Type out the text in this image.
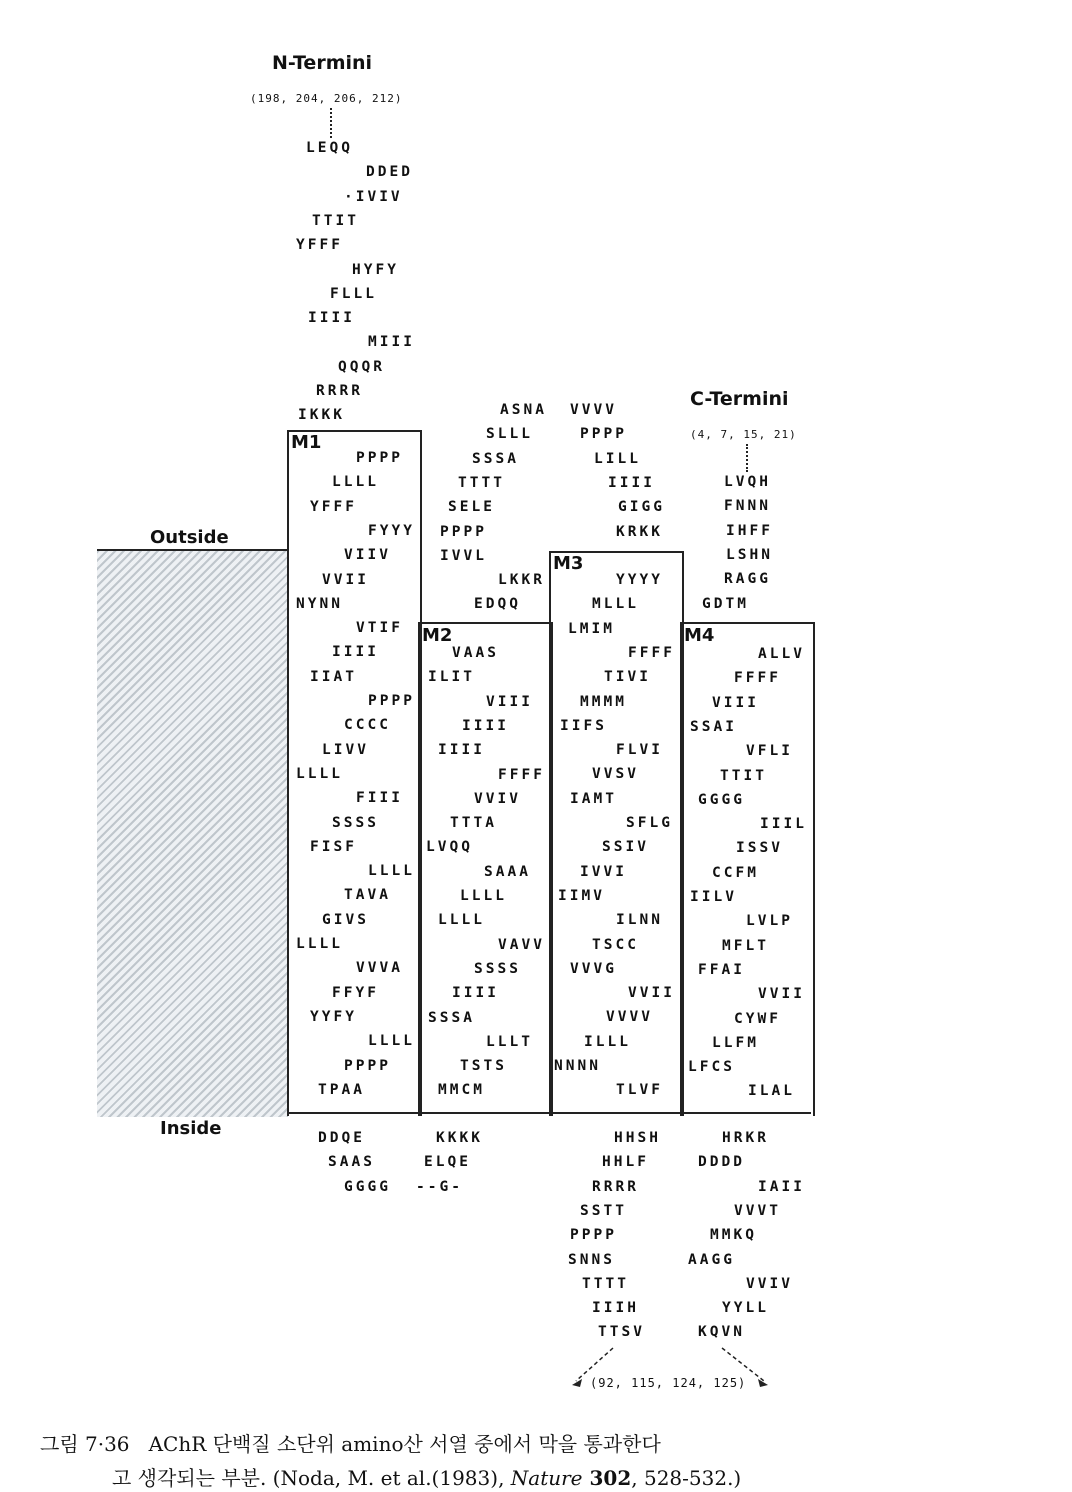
N-Termini
(198, 204, 206, 212)
C-Termini
(4, 7, 15, 21)
Outside
Inside
M1
M2
M3
M4
LEQQ
DDED
·IVIV
TTIT
YFFF
HYFY
FLLL
IIII
MIII
QQQR
RRRR
IKKK
PPPP
LLLL
YFFF
FYYY
VIIV
VVII
NYNN
VTIF
IIII
IIAT
PPPP
CCCC
LIVV
LLLL
FIII
SSSS
FISF
LLLL
TAVA
GIVS
LLLL
VVVA
FFYF
YYFY
LLLL
PPPP
TPAA
DDQE
SAAS
GGGG
ASNA
SLLL
SSSA
TTTT
SELE
PPPP
IVVL
LKKR
EDQQ
VAAS
ILIT
VIII
IIII
IIII
FFFF
VVIV
TTTA
LVQQ
SAAA
LLLL
LLLL
VAVV
SSSS
IIII
SSSA
LLLT
TSTS
MMCM
KKKK
ELQE
--G-
VVVV
PPPP
LILL
IIII
GIGG
KRKK
YYYY
MLLL
LMIM
FFFF
TIVI
MMMM
IIFS
FLVI
VVSV
IAMT
SFLG
SSIV
IVVI
IIMV
ILNN
TSCC
VVVG
VVII
VVVV
ILLL
NNNN
TLVF
HHSH
HHLF
RRRR
SSTT
PPPP
SNNS
TTTT
IIIH
TTSV
LVQH
FNNN
IHFF
LSHN
RAGG
GDTM
ALLV
FFFF
VIII
SSAI
VFLI
TTIT
GGGG
IIIL
ISSV
CCFM
IILV
LVLP
MFLT
FFAI
VVII
CYWF
LLFM
LFCS
ILAL
HRKR
DDDD
IAII
VVVT
MMKQ
AAGG
VVIV
YYLL
KQVN
(92, 115, 124, 125)
그림 7·36 AChR 단백질 소단위 amino산 서열 중에서 막을 통과한다
고 생각되는 부분. (Noda, M. et al.(1983), Nature 302, 528-532.)
